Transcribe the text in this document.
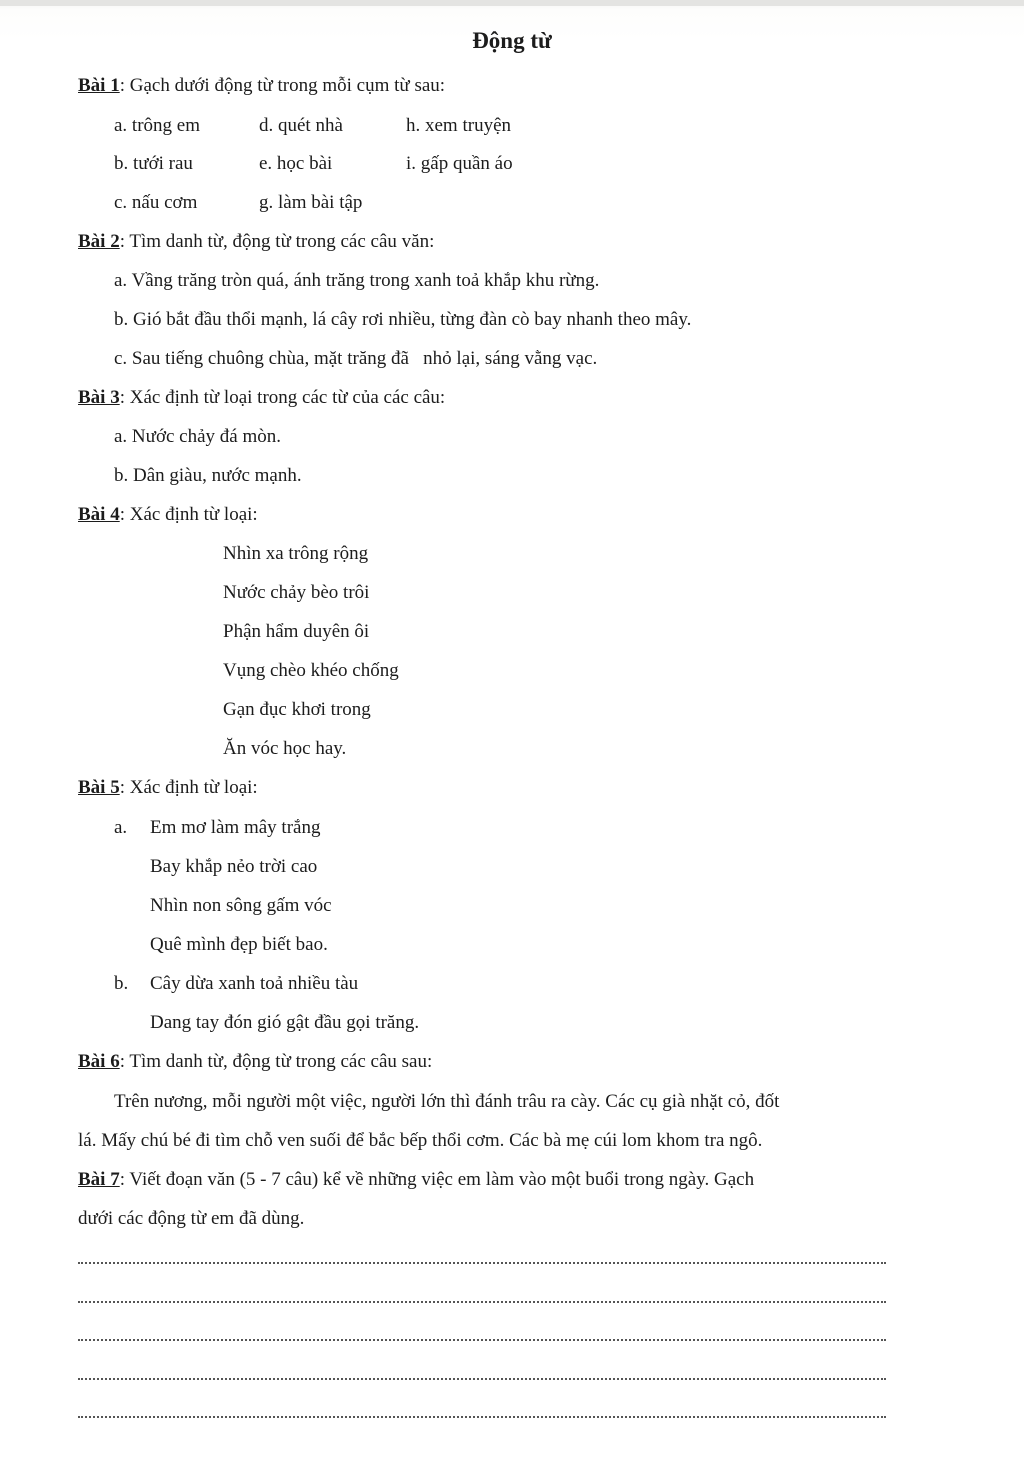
Động từ
Bài 1: Gạch dưới động từ trong mỗi cụm từ sau:
a. trông em	d. quét nhà	h. xem truyện
b. tưới rau	e. học bài	i. gấp quần áo
c. nấu cơm	g. làm bài tập
Bài 2: Tìm danh từ, động từ trong các câu văn:
a. Vầng trăng tròn quá, ánh trăng trong xanh toả khắp khu rừng.
b. Gió bắt đầu thổi mạnh, lá cây rơi nhiều, từng đàn cò bay nhanh theo mây.
c. Sau tiếng chuông chùa, mặt trăng đã   nhỏ lại, sáng vằng vạc.
Bài 3: Xác định từ loại trong các từ của các câu:
a. Nước chảy đá mòn.
b. Dân giàu, nước mạnh.
Bài 4: Xác định từ loại:
Nhìn xa trông rộng
Nước chảy bèo trôi
Phận hẩm duyên ôi
Vụng chèo khéo chống
Gạn đục khơi trong
Ăn vóc học hay.
Bài 5: Xác định từ loại:
a. Em mơ làm mây trắng
Bay khắp nẻo trời cao
Nhìn non sông gấm vóc
Quê mình đẹp biết bao.
b. Cây dừa xanh toả nhiều tàu
Dang tay đón gió gật đầu gọi trăng.
Bài 6: Tìm danh từ, động từ trong các câu sau:
Trên nương, mỗi người một việc, người lớn thì đánh trâu ra cày. Các cụ già nhặt cỏ, đốt
lá. Mấy chú bé đi tìm chỗ ven suối để bắc bếp thổi cơm. Các bà mẹ cúi lom khom tra ngô.
Bài 7: Viết đoạn văn (5 - 7 câu) kể về những việc em làm vào một buổi trong ngày. Gạch
dưới các động từ em đã dùng.
